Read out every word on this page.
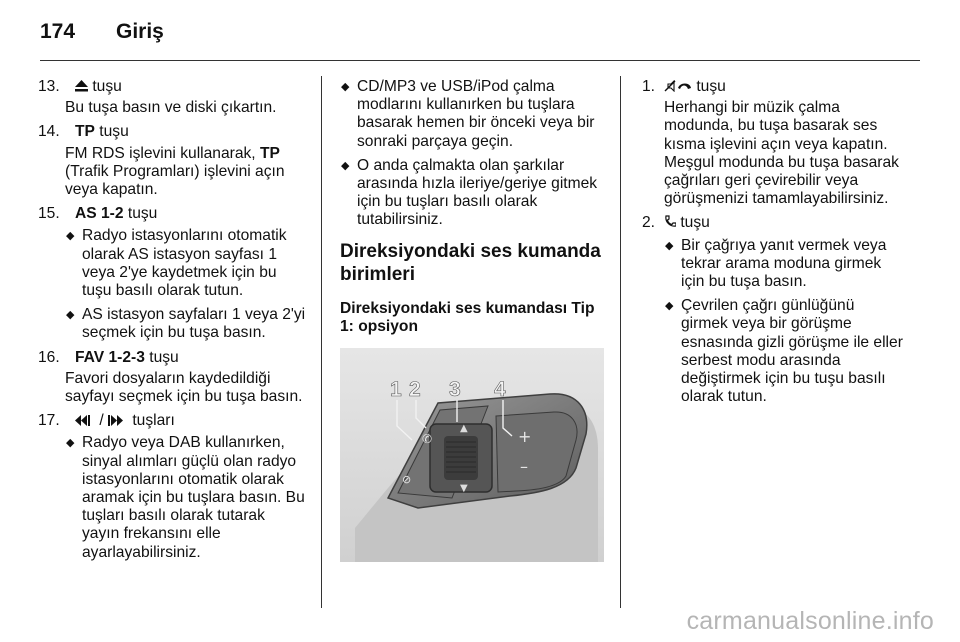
174 Giriş
13.	tuşu
Bu tuşa basın ve diski çıkartın.
14. TP tuşu
FM RDS işlevini kullanarak, TP (Trafik Programları) işlevini açın veya kapatın.
15. AS 1-2 tuşu
◆ Radyo istasyonlarını otomatik olarak AS istasyon sayfası 1 veya 2'ye kaydetmek için bu tuşu basılı olarak tutun.
◆ AS istasyon sayfaları 1 veya 2'yi seçmek için bu tuşa basın.
16. FAV 1-2-3 tuşu
Favori dosyaların kaydedildiği sayfayı seçmek için bu tuşa basın.
17.	/  tuşları
◆ Radyo veya DAB kullanırken, sinyal alımları güçlü olan radyo istasyonlarını otomatik olarak aramak için bu tuşlara basın. Bu tuşları basılı olarak tutarak yayın frekansını elle ayarlayabilirsiniz.
◆ CD/MP3 ve USB/iPod çalma modlarını kullanırken bu tuşlara basarak hemen bir önceki veya bir sonraki parçaya geçin.
◆ O anda çalmakta olan şarkılar arasında hızla ileriye/geriye gitmek için bu tuşları basılı olarak tutabilirsiniz.
Direksiyondaki ses kumanda birimleri
Direksiyondaki ses kumandası Tip 1: opsiyon
▲
▼
+
–
✆
⊘
1 2 3 4
1.	tuşu
Herhangi bir müzik çalma modunda, bu tuşa basarak ses kısma işlevini açın veya kapatın. Meşgul modunda bu tuşa basarak çağrıları geri çevirebilir veya görüşmenizi tamamlayabilirsiniz.
2.	tuşu
◆ Bir çağrıya yanıt vermek veya tekrar arama moduna girmek için bu tuşa basın.
◆ Çevrilen çağrı günlüğünü girmek veya bir görüşme esnasında gizli görüşme ile eller serbest modu arasında değiştirmek için bu tuşu basılı olarak tutun.
carmanualsonline.info
